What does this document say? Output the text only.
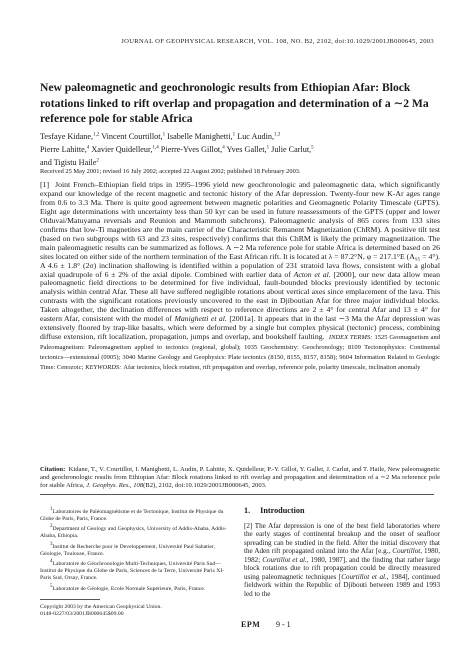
JOURNAL OF GEOPHYSICAL RESEARCH, VOL. 108, NO. B2, 2102, doi:10.1029/2001JB000645, 2003
New paleomagnetic and geochronologic results from Ethiopian Afar: Block rotations linked to rift overlap and propagation and determination of a ∼2 Ma reference pole for stable Africa
Tesfaye Kidane,$^{1,2}$ Vincent Courtillot,$^1$ Isabelle Manighetti,$^1$ Luc Audin,$^{1,3}$
Pierre Lahitte,$^4$ Xavier Quidelleur,$^{1,4}$ Pierre-Yves Gillot,$^4$ Yves Gallet,$^1$ Julie Carlut,$^5$
and Tigistu Haile$^2$
Received 25 May 2001; revised 16 July 2002; accepted 22 August 2002; published 18 February 2003.
[1] Joint French–Ethiopian field trips in 1995–1996 yield new geochronologic and paleomagnetic data, which significantly expand our knowledge of the recent magnetic and tectonic history of the Afar depression. Twenty-four new K-Ar ages range from 0.6 to 3.3 Ma. There is quite good agreement between magnetic polarities and Geomagnetic Polarity Timescale (GPTS). Eight age determinations with uncertainty less than 50 kyr can be used in future reassessments of the GPTS (upper and lower Olduvai/Matuyama reversals and Reunion and Mammoth subchrons). Paleomagnetic analysis of 865 cores from 133 sites confirms that low-Ti magnetites are the main carrier of the Characteristic Remanent Magnetization (ChRM). A positive tilt test (based on two subgroups with 63 and 23 sites, respectively) confirms that this ChRM is likely the primary magnetization. The main paleomagnetic results can be summarized as follows. A ∼2 Ma reference pole for stable Africa is determined based on 26 sites located on either side of the northern termination of the East African rift. It is located at λ = 87.2°N, φ = 217.1°E (A₉₅ = 4°). A 4.6 ± 1.8° (2σ) inclination shallowing is identified within a population of 231 stratoid lava flows, consistent with a global axial quadrupole of 6 ± 2% of the axial dipole. Combined with earlier data of Acton et al. [2000], our new data allow mean paleomagnetic field directions to be determined for five individual, fault-bounded blocks previously identified by tectonic analysis within central Afar. These all have suffered negligible rotations about vertical axes since emplacement of the lava. This contrasts with the significant rotations previously uncovered to the east in Djiboutian Afar for three major individual blocks. Taken altogether, the declination differences with respect to reference directions are 2 ± 4° for central Afar and 13 ± 4° for eastern Afar, consistent with the model of Manighetti et al. [2001a]. It appears that in the last ∼3 Ma the Afar depression was extensively floored by trap-like basalts, which were deformed by a single but complex physical (tectonic) process, combining diffuse extension, rift localization, propagation, jumps and overlap, and bookshelf faulting. INDEX TERMS: 1525 Geomagnetism and Paleomagnetism: Paleomagnetism applied to tectonics (regional, global); 1035 Geochemistry: Geochronology; 8109 Tectonophysics: Continental tectonics—extensional (0905); 3040 Marine Geology and Geophysics: Plate tectonics (8150, 8155, 8157, 8158); 9604 Information Related to Geologic Time: Cenozoic; KEYWORDS: Afar tectonics, block rotation, rift propagation and overlap, reference pole, polarity timescale, inclination anomaly
Citation: Kidane, T., V. Courtillot, I. Manighetti, L. Audin, P. Lahitte, X. Quidelleur, P.-Y. Gillot, Y. Gallet, J. Carlut, and T. Haile, New paleomagnetic and geochronologic results from Ethiopian Afar: Block rotations linked to rift overlap and propagation and determination of a ∼2 Ma reference pole for stable Africa, J. Geophys. Res., 108(B2), 2102, doi:10.1029/2001JB000645, 2003.
$^1$Laboratoires de Paléomagnétisme et de Tectonique, Institut de Physique du Globe de Paris, Paris, France.
$^2$Department of Geology and Geophysics, University of Addis-Ababa, Addis-Ababa, Ethiopia.
$^3$Institut de Recherche pour le Developpement, Université Paul Sabatier, Géologie, Toulouse, France.
$^4$Laboratoire de Géochronologie Multi-Techniques, Université Paris Sud—Institut de Physique du Globe de Paris, Sciences de la Terre, Université Paris XI-Paris Sud, Orsay, France.
$^5$Laboratoire de Géologie, Ecole Normale Supérieure, Paris, France.
Copyright 2003 by the American Geophysical Union.
0148-0227/03/2001JB000645$09.00
1. Introduction
[2] The Afar depression is one of the best field laboratories where the early stages of continental breakup and the onset of seafloor spreading can be studied in the field. After the initial discovery that the Aden rift propagated onland into the Afar [e.g., Courtillot, 1980, 1982; Courtillot et al., 1980, 1987], and the finding that rather large block rotations due to rift propagation could be directly measured using paleomagnetic techniques [Courtillot et al., 1984], continued fieldwork within the Republic of Djibouti between 1989 and 1993 led to the
EPM 9 - 1
